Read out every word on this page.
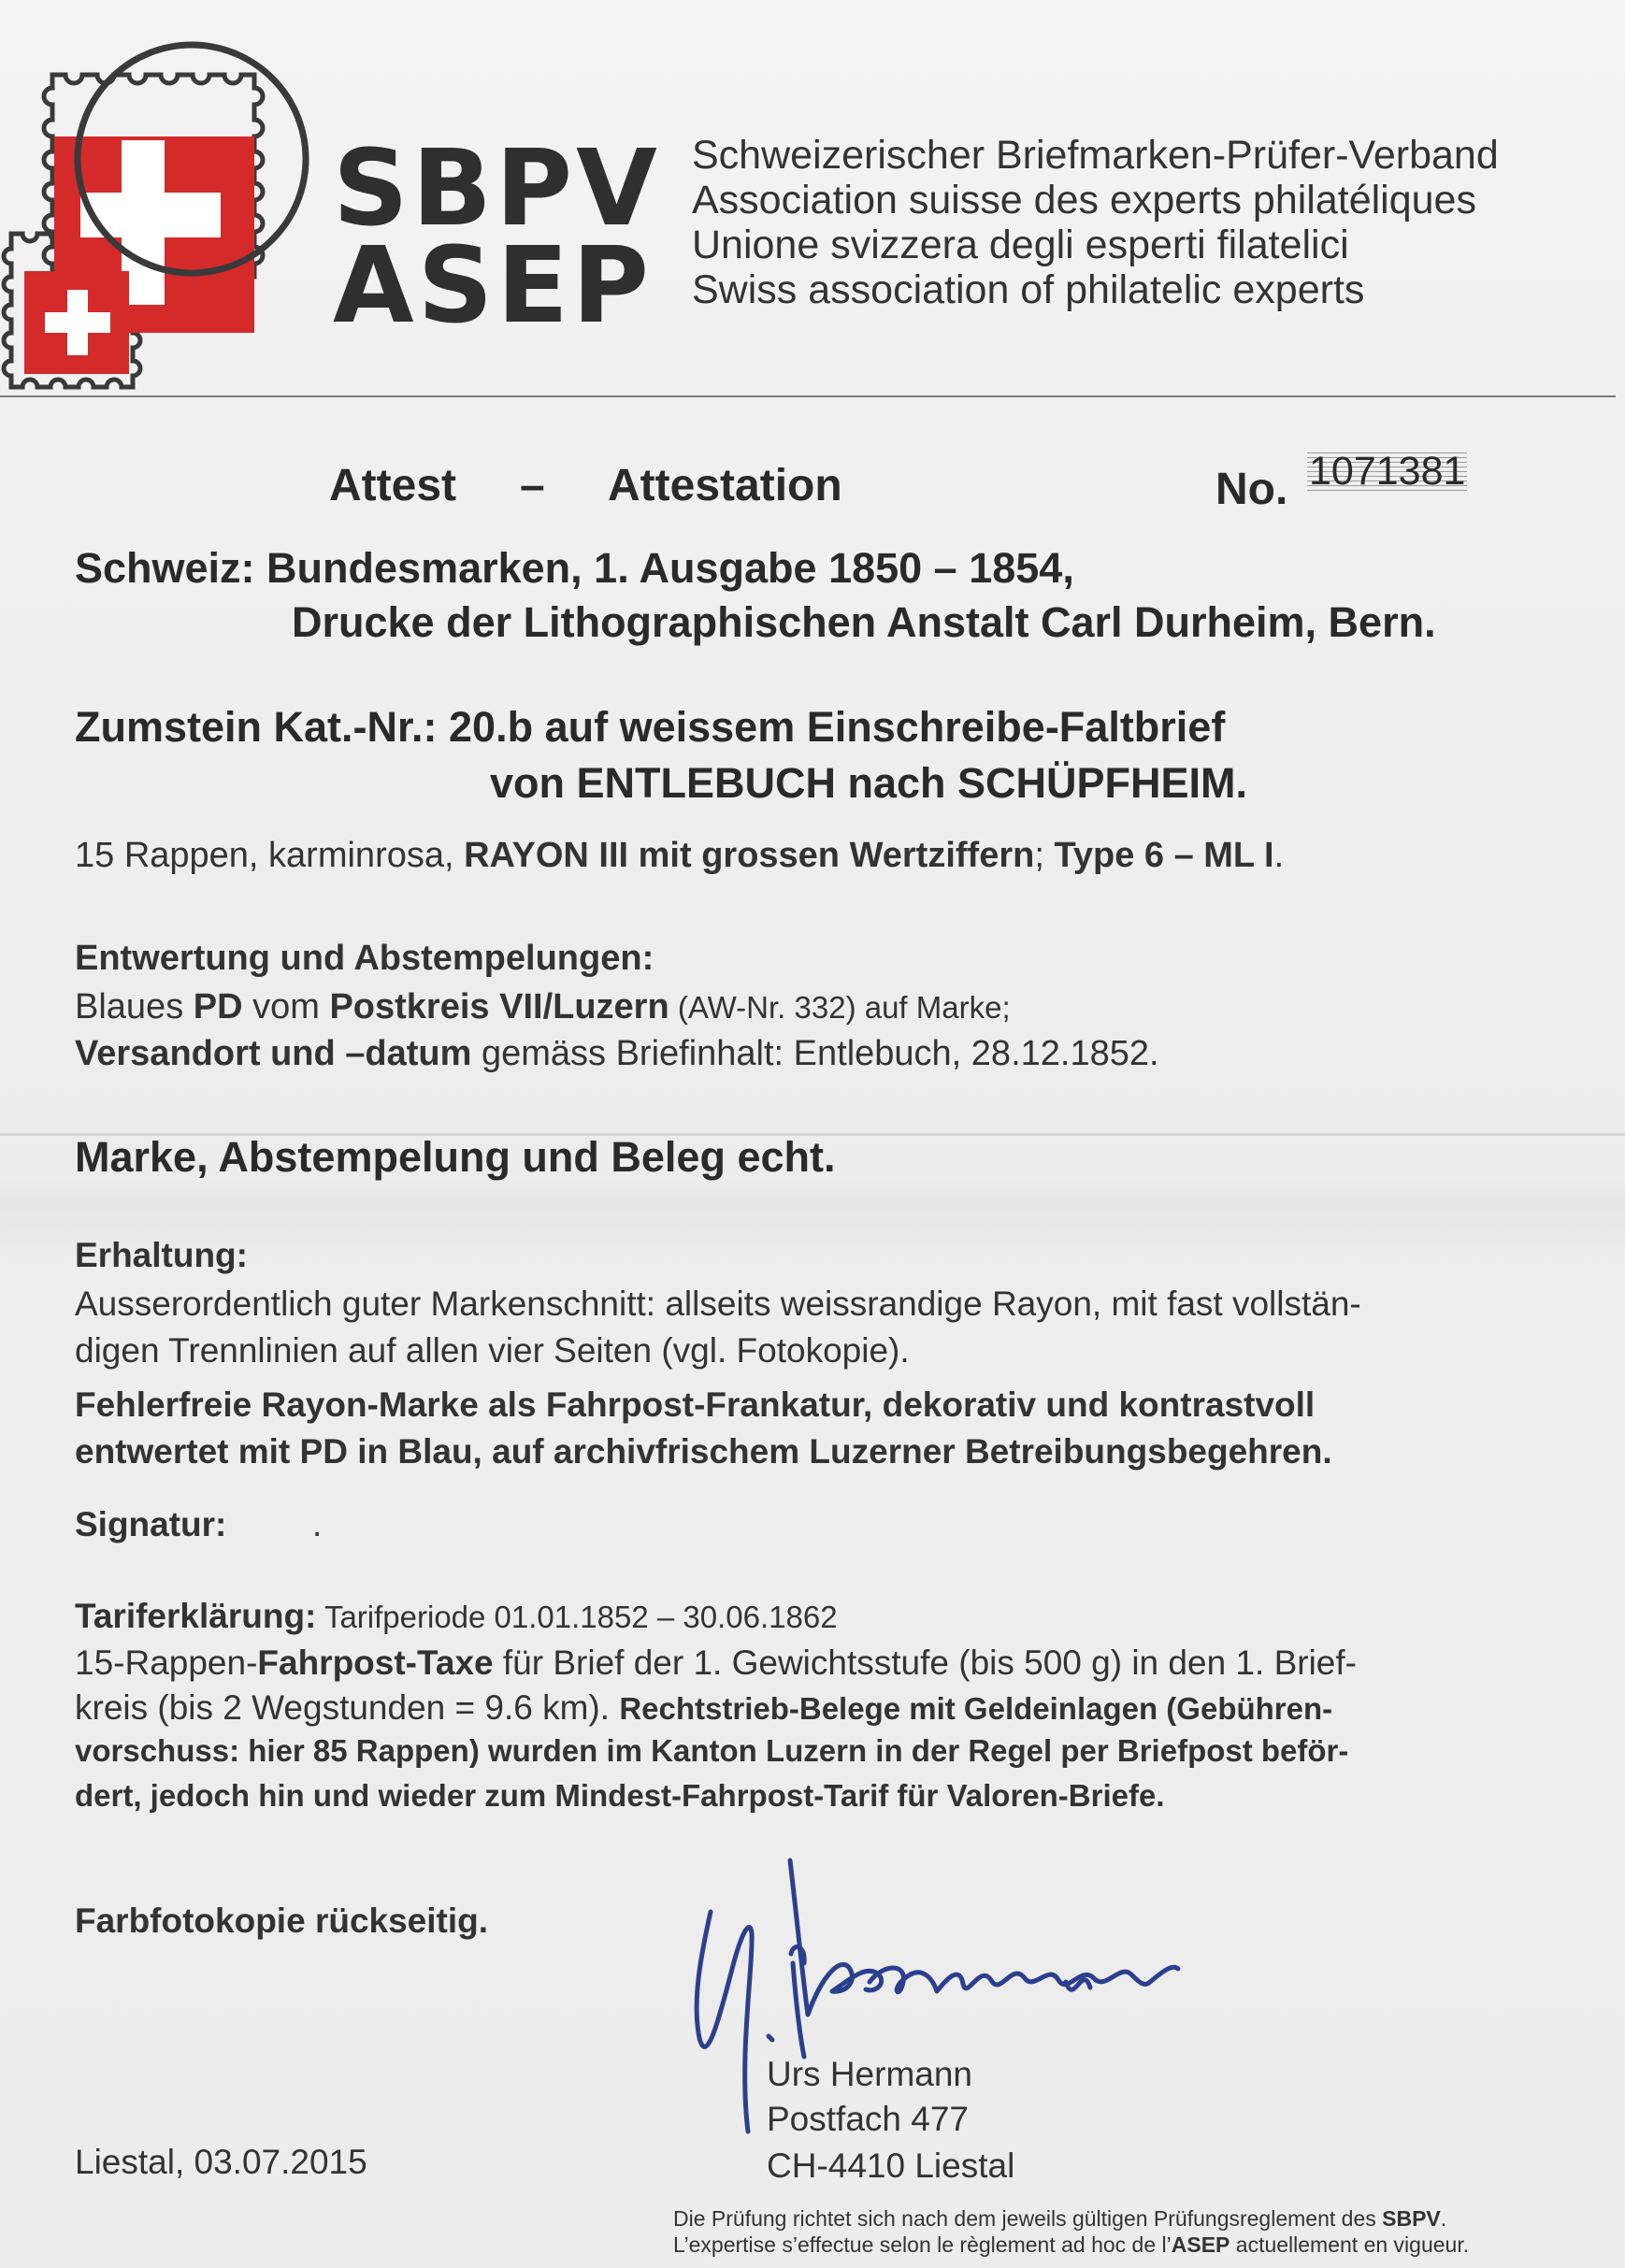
SBPV
ASEP
Schweizerischer Briefmarken-Prüfer-Verband
Association suisse des experts philatéliques
Unione svizzera degli esperti filatelici
Swiss association of philatelic experts
Attest – Attestation	No. 1071381
Schweiz: Bundesmarken, 1. Ausgabe 1850 – 1854,
Drucke der Lithographischen Anstalt Carl Durheim, Bern.
Zumstein Kat.-Nr.: 20.b auf weissem Einschreibe-Faltbrief
von ENTLEBUCH nach SCHÜPFHEIM.
15 Rappen, karminrosa, RAYON III mit grossen Wertziffern; Type 6 – ML I.
Entwertung und Abstempelungen:
Blaues PD vom Postkreis VII/Luzern (AW-Nr. 332) auf Marke;
Versandort und –datum gemäss Briefinhalt: Entlebuch, 28.12.1852.
Marke, Abstempelung und Beleg echt.
Erhaltung:
Ausserordentlich guter Markenschnitt: allseits weissrandige Rayon, mit fast vollstän-
digen Trennlinien auf allen vier Seiten (vgl. Fotokopie).
Fehlerfreie Rayon-Marke als Fahrpost-Frankatur, dekorativ und kontrastvoll
entwertet mit PD in Blau, auf archivfrischem Luzerner Betreibungsbegehren.
Signatur: .
Tariferklärung: Tarifperiode 01.01.1852 – 30.06.1862
15-Rappen-Fahrpost-Taxe für Brief der 1. Gewichtsstufe (bis 500 g) in den 1. Brief-
kreis (bis 2 Wegstunden = 9.6 km). Rechtstrieb-Belege mit Geldeinlagen (Gebühren-
vorschuss: hier 85 Rappen) wurden im Kanton Luzern in der Regel per Briefpost beför-
dert, jedoch hin und wieder zum Mindest-Fahrpost-Tarif für Valoren-Briefe.
Farbfotokopie rückseitig.
Urs Hermann
Postfach 477
CH-4410 Liestal
Liestal, 03.07.2015
Die Prüfung richtet sich nach dem jeweils gültigen Prüfungsreglement des SBPV.
L’expertise s’effectue selon le règlement ad hoc de l’ASEP actuellement en vigueur.
